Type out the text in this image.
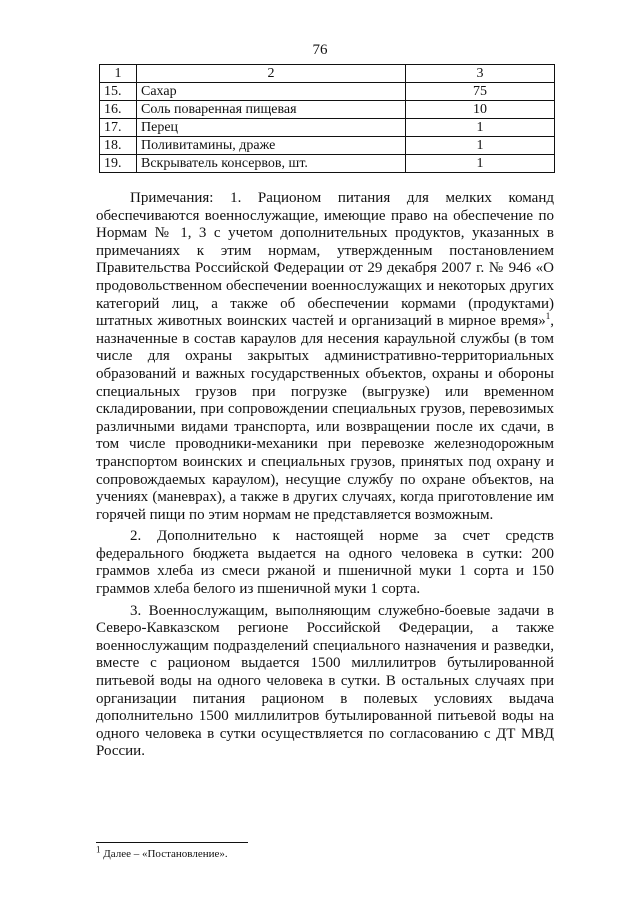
76
1	2	3
15.	Сахар	75
16.	Соль поваренная пищевая	10
17.	Перец	1
18.	Поливитамины, драже	1
19.	Вскрыватель консервов, шт.	1

Примечания: 1. Рационом питания для мелких команд обеспечиваются военнослужащие, имеющие право на обеспечение по Нормам № 1, 3 с учетом дополнительных продуктов, указанных в примечаниях к этим нормам, утвержденным постановлением Правительства Российской Федерации от 29 декабря 2007 г. № 946 «О продовольственном обеспечении военнослужащих и некоторых других категорий лиц, а также об обеспечении кормами (продуктами) штатных животных воинских частей и организаций в мирное время»$^1$, назначенные в состав караулов для несения караульной службы (в том числе для охраны закрытых административно-территориальных образований и важных государственных объектов, охраны и обороны специальных грузов при погрузке (выгрузке) или временном складировании, при сопровождении специальных грузов, перевозимых различными видами транспорта, или возвращении после их сдачи, в том числе проводники-механики при перевозке железнодорожным транспортом воинских и специальных грузов, принятых под охрану и сопровождаемых караулом), несущие службу по охране объектов, на учениях (маневрах), а также в других случаях, когда приготовление им горячей пищи по этим нормам не представляется возможным.

2. Дополнительно к настоящей норме за счет средств федерального бюджета выдается на одного человека в сутки: 200 граммов хлеба из смеси ржаной и пшеничной муки 1 сорта и 150 граммов хлеба белого из пшеничной муки 1 сорта.

3. Военнослужащим, выполняющим служебно-боевые задачи в Северо-Кавказском регионе Российской Федерации, а также военнослужащим подразделений специального назначения и разведки, вместе с рационом выдается 1500 миллилитров бутылированной питьевой воды на одного человека в сутки. В остальных случаях при организации питания рационом в полевых условиях выдача дополнительно 1500 миллилитров бутылированной питьевой воды на одного человека в сутки осуществляется по согласованию с ДТ МВД России.

$^1$ Далее – «Постановление».
